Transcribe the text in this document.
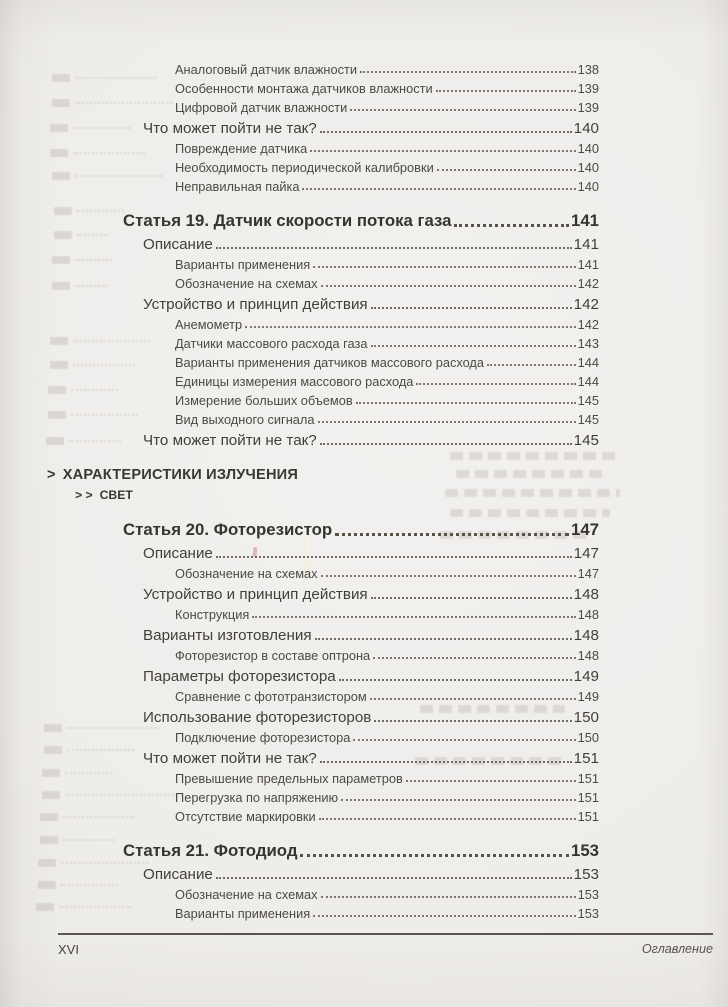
Аналоговый датчик влажности	138
Особенности монтажа датчиков влажности	139
Цифровой датчик влажности	139
Что может пойти не так?	140
Повреждение датчика	140
Необходимость периодической калибровки	140
Неправильная пайка	140
Статья 19. Датчик скорости потока газа	141
Описание	141
Варианты применения	141
Обозначение на схемах	142
Устройство и принцип действия	142
Анемометр	142
Датчики массового расхода газа	143
Варианты применения датчиков массового расхода	144
Единицы измерения массового расхода	144
Измерение больших объемов	145
Вид выходного сигнала	145
Что может пойти не так?	145
> ХАРАКТЕРИСТИКИ ИЗЛУЧЕНИЯ
> > СВЕТ
Статья 20. Фоторезистор	147
Описание	147
Обозначение на схемах	147
Устройство и принцип действия	148
Конструкция	148
Варианты изготовления	148
Фоторезистор в составе оптрона	148
Параметры фоторезистора	149
Сравнение с фототранзистором	149
Использование фоторезисторов	150
Подключение фоторезистора	150
Что может пойти не так?	151
Превышение предельных параметров	151
Перегрузка по напряжению	151
Отсутствие маркировки	151
Статья 21. Фотодиод	153
Описание	153
Обозначение на схемах	153
Варианты применения	153
XVI	Оглавление
